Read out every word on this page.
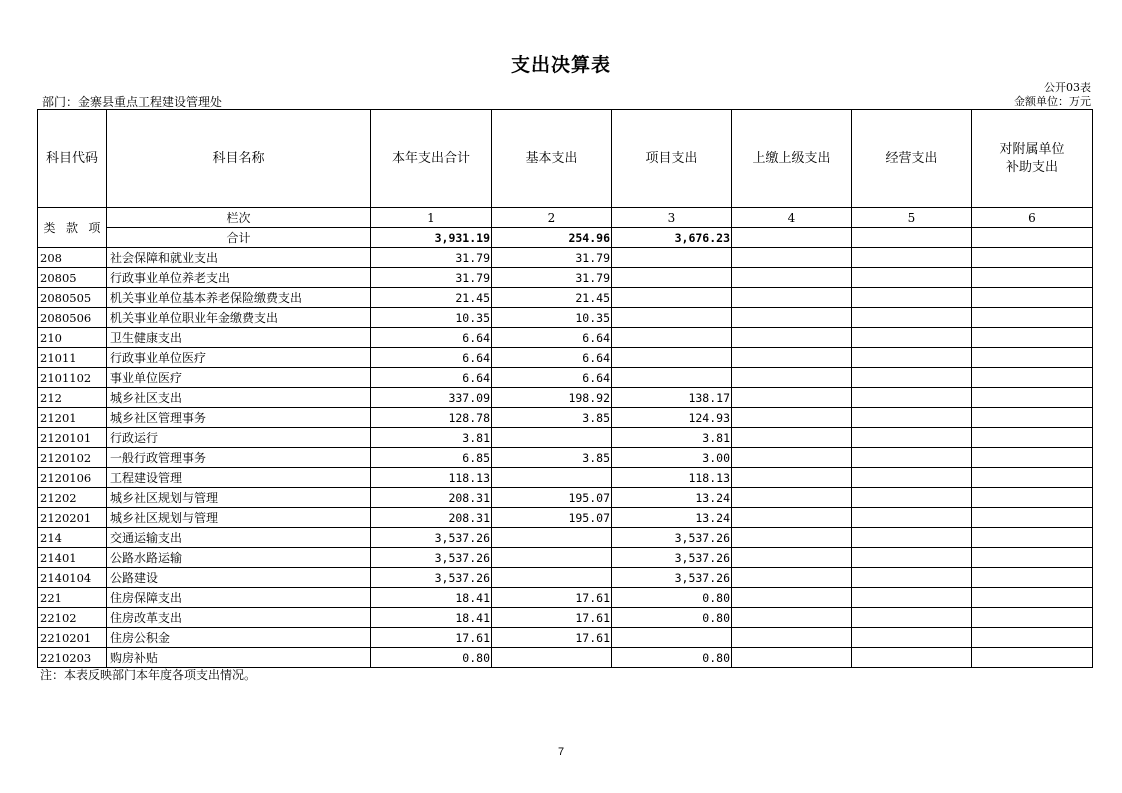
支出决算表
公开03表
部门：金寨县重点工程建设管理处	金额单位：万元
科目代码	科目名称	本年支出合计	基本支出	项目支出	上缴上级支出	经营支出	对附属单位
补助支出
类 款 项	栏次	1	2	3	4	5	6
	合计	3,931.19	254.96	3,676.23			
208	社会保障和就业支出	31.79	31.79				
20805	行政事业单位养老支出	31.79	31.79				
2080505	机关事业单位基本养老保险缴费支出	21.45	21.45				
2080506	机关事业单位职业年金缴费支出	10.35	10.35				
210	卫生健康支出	6.64	6.64				
21011	行政事业单位医疗	6.64	6.64				
2101102	事业单位医疗	6.64	6.64				
212	城乡社区支出	337.09	198.92	138.17			
21201	城乡社区管理事务	128.78	3.85	124.93			
2120101	行政运行	3.81		3.81			
2120102	一般行政管理事务	6.85	3.85	3.00			
2120106	工程建设管理	118.13		118.13			
21202	城乡社区规划与管理	208.31	195.07	13.24			
2120201	城乡社区规划与管理	208.31	195.07	13.24			
214	交通运输支出	3,537.26		3,537.26			
21401	公路水路运输	3,537.26		3,537.26			
2140104	公路建设	3,537.26		3,537.26			
221	住房保障支出	18.41	17.61	0.80			
22102	住房改革支出	18.41	17.61	0.80			
2210201	住房公积金	17.61	17.61				
2210203	购房补贴	0.80		0.80			
注：本表反映部门本年度各项支出情况。
7
